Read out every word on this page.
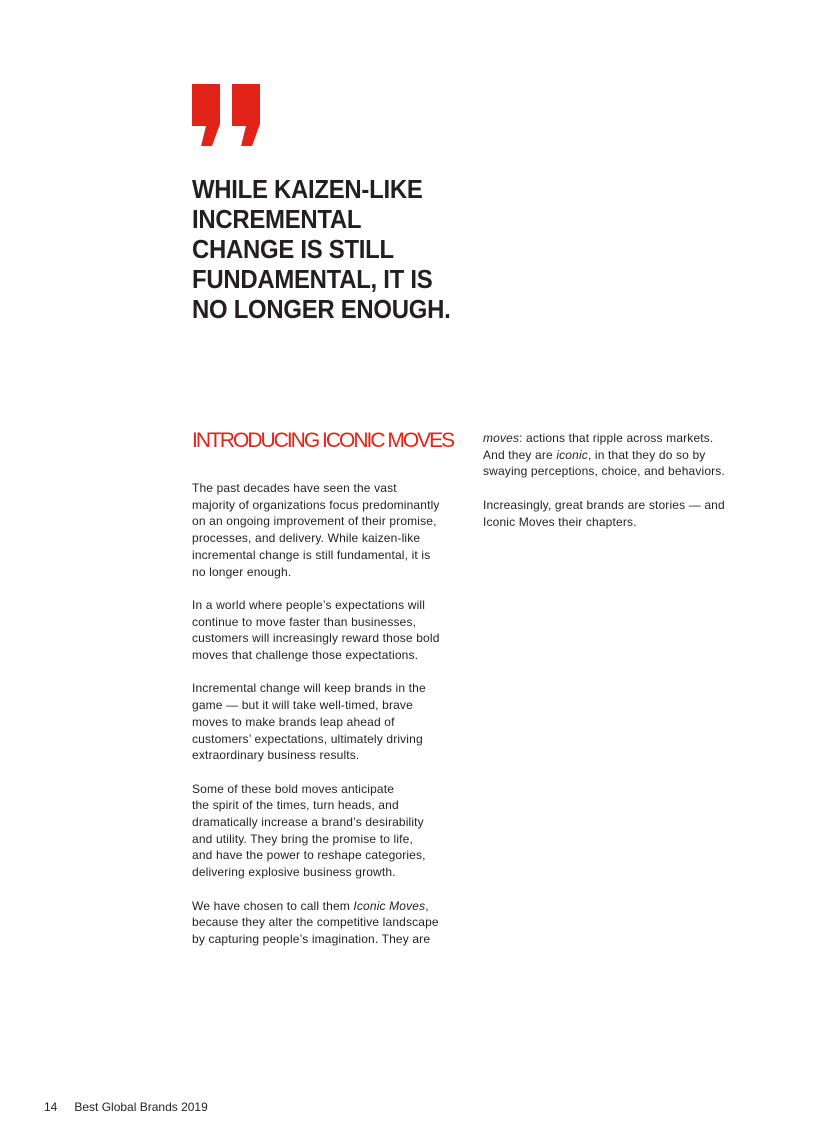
WHILE KAIZEN-LIKE
INCREMENTAL
CHANGE IS STILL
FUNDAMENTAL, IT IS
NO LONGER ENOUGH.
INTRODUCING ICONIC MOVES

The past decades have seen the vast
majority of organizations focus predominantly
on an ongoing improvement of their promise,
processes, and delivery. While kaizen-like
incremental change is still fundamental, it is
no longer enough.

In a world where people’s expectations will
continue to move faster than businesses,
customers will increasingly reward those bold
moves that challenge those expectations.

Incremental change will keep brands in the
game — but it will take well-timed, brave
moves to make brands leap ahead of
customers’ expectations, ultimately driving
extraordinary business results.

Some of these bold moves anticipate
the spirit of the times, turn heads, and
dramatically increase a brand’s desirability
and utility. They bring the promise to life,
and have the power to reshape categories,
delivering explosive business growth.

We have chosen to call them Iconic Moves,
because they alter the competitive landscape
by capturing people’s imagination. They are

moves: actions that ripple across markets.
And they are iconic, in that they do so by
swaying perceptions, choice, and behaviors.

Increasingly, great brands are stories — and
Iconic Moves their chapters.

14 Best Global Brands 2019
